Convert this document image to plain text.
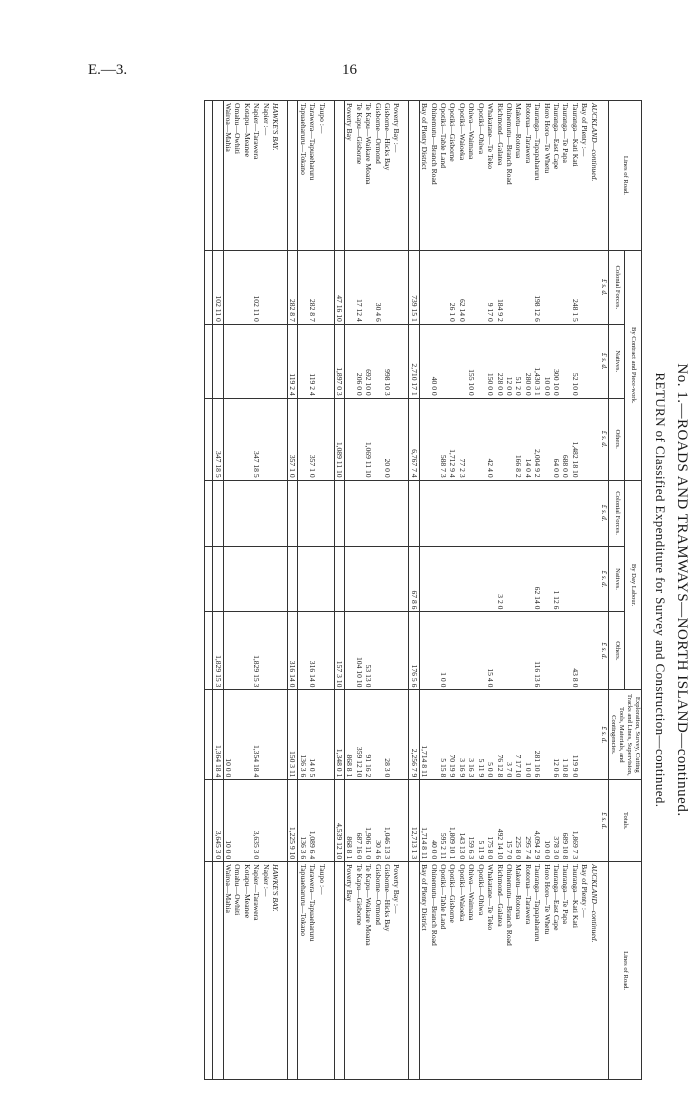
E.—3.	16
No. 1.—ROADS AND TRAMWAYS—NORTH ISLAND—continued.
RETURN of Classified Expenditure for Survey and Construction—continued.
Lines of Road.	By Contract and Piece-work.			By Day Labour.			Exploration, Survey, Cutting Tracks and Lines, Supervision, Tools, Materials, and Contingencies.	Totals.	Lines of Road.
	Colonial Forces.	Natives.	Others.	Colonial Forces.	Natives.	Others.			
	£ s. d.	£ s. d.	£ s. d.	£ s. d.	£ s. d.	£ s. d.	£ s. d.	£ s. d.	
AUCKLAND—continued.									AUCKLAND—continued.
Bay of Plenty :—									Bay of Plenty :—
Tauranga—Kati Kati	248 1 5	52 10 0	1,482 18 10			43 8 0	119 9 0	1,869 7 3	Tauranga—Kati Kati
Tauranga—Te Papa			688 0 0				1 10 8	689 10 8	Tauranga—Te Papa
Tauranga—East Cape		300 10 0	64 0 0		1 12 6		12 0 6	378 3 0	Tauranga—East Cape
Horo Horo—Te Whetu		10 0 0						10 0 0	Horo Horo—Te Whetu
Tauranga—Tapapaharuru	198 12 6	1,430 3 1	2,004 9 2		62 14 0	116 13 6	281 10 6	4,094 2 9	Tauranga—Tapapaharuru
Rotorua—Tarawera		280 0 0	14 0 4				1 0 0	295 7 4	Rotorua—Tarawera
Maketu—Rotorua		51 2 0	166 8 2				7 17 10	225 8 0	Maketu—Rotorua
Ohinemutu—Branch Road		12 0 0					3 7 0	15 7 0	Ohinemutu—Branch Road
Richmond—Galatea	184 9 2	228 0 0			3 2 0		76 12 8	492 14 10	Richmond—Galatea
Whakatane—Te Teko	9 17 0	150 0 0	42 4 0			15 4 0	5 0 0	175 8 0	Whakatane—Te Teko
Opotiki—Ohiwa							5 11 9	5 11 9	Opotiki—Ohiwa
Ohiwa—Waimana		155 10 0					3 16 3	159 6 3	Ohiwa—Waimana
Opotiki—Waioeka	62 14 0		77 2 3				3 16 9	143 13 0	Opotiki—Waioeka
Opotiki—Gisborne	26 1 0		1,712 9 4				70 19 9	1,809 10 1	Opotiki—Gisborne
Opotiki—Table Land			588 7 3			1 0 0	5 15 8	595 2 11	Opotiki—Table Land
Ohinemutu—Branch Road		40 0 0						40 0 0	Ohinemutu—Branch Road
Bay of Plenty District							1,714 8 11	1,714 8 11	Bay of Plenty District
	739 15 1	2,710 17 1	6,767 7 4		67 8 6	176 5 6	2,256 7 9	12,713 1 3	

Poverty Bay :—									Poverty Bay :—
Gisborne—Hicks Bay		998 10 3	20 0 0				28 3 0	1,046 13 3	Gisborne—Hicks Bay
Gisborne—Ormond	30 4 6							30 4 6	Gisborne—Ormond
Te Kapu—Waikare Moana		692 10 0	1,069 11 10			53 13 0	91 16 2	1,906 11 0	Te Kapu—Waikare Moana
Te Kapu—Gisborne	17 12 4	206 0 0				104 10 10	359 12 10	687 16 0	Te Kapu—Gisborne
Poverty Bay							868 8 1	868 8 1	Poverty Bay
	47 16 10	1,897 0 3	1,089 11 10			157 3 10	1,348 0 1	4,539 12 10	

Taupo :—									Taupo :—
Tarawera—Tapuaeharuru	282 8 7	119 2 4	357 1 0			316 14 0	14 0 5	1,089 6 4	Tarawera—Tapuaeharuru
Tapuaeharuru—Tokano							136 3 6	136 3 6	Tapuaeharuru—Tokano
	282 8 7	119 2 4	357 1 0			316 14 0	150 3 11	1,225 9 10	

HAWKE'S BAY.									HAWKE'S BAY.
Napier :—									Napier :—
Napier—Tarawera	102 11 0		347 18 5			1,829 15 3	1,354 18 4	3,635 3 0	Napier—Tarawera
Kotapu—Meanee									Kotapu—Meanee
Omahu—Owhiti									Omahu—Owhiti
Wairoa—Mahia							10 0 0	10 0 0	Wairoa—Mahia
	102 11 0		347 18 5			1,829 15 3	1,364 18 4	3,645 3 0	
